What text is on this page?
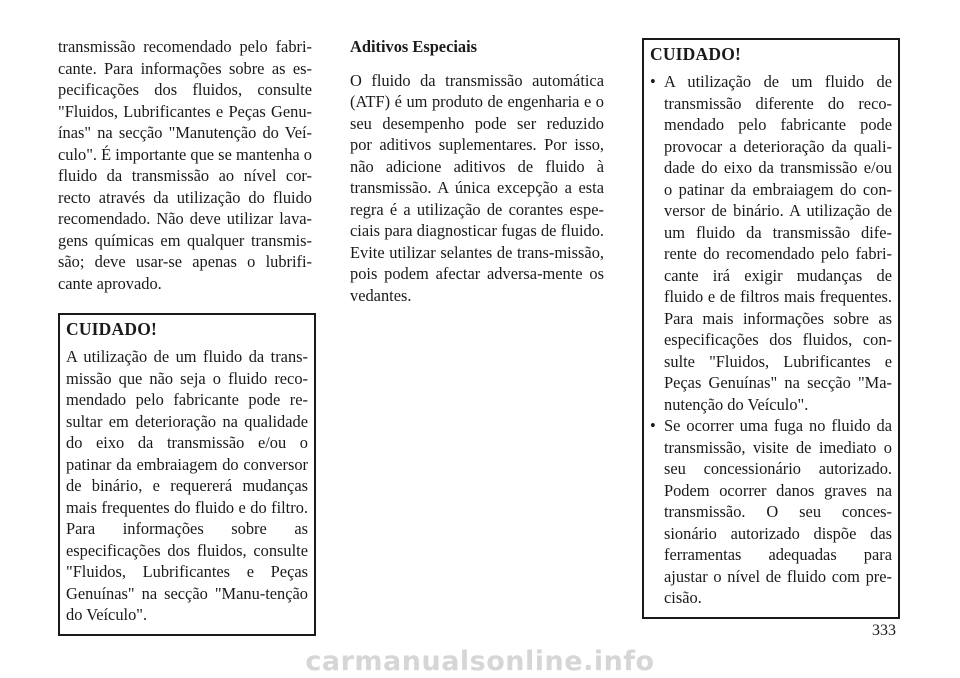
transmissão recomendado pelo fabri-cante. Para informações sobre as es-pecificações dos fluidos, consulte "Fluidos, Lubrificantes e Peças Genu-ínas" na secção "Manutenção do Veí-culo". É importante que se mantenha o fluido da transmissão ao nível cor-recto através da utilização do fluido recomendado. Não deve utilizar lava-gens químicas em qualquer transmis-são; deve usar-se apenas o lubrifi-cante aprovado.

CUIDADO!

A utilização de um fluido da trans-missão que não seja o fluido reco-mendado pelo fabricante pode re-sultar em deterioração na qualidade do eixo da transmissão e/ou o patinar da embraiagem do conversor de binário, e requererá mudanças mais frequentes do fluido e do filtro. Para informações sobre as especificações dos fluidos, consulte "Fluidos, Lubrificantes e Peças Genuínas" na secção "Manu-tenção do Veículo".

Aditivos Especiais

O fluido da transmissão automática (ATF) é um produto de engenharia e o seu desempenho pode ser reduzido por aditivos suplementares. Por isso, não adicione aditivos de fluido à transmissão. A única excepção a esta regra é a utilização de corantes espe-ciais para diagnosticar fugas de fluido. Evite utilizar selantes de trans-missão, pois podem afectar adversa-mente os vedantes.

CUIDADO!
• A utilização de um fluido de transmissão diferente do reco-mendado pelo fabricante pode provocar a deterioração da quali-dade do eixo da transmissão e/ou o patinar da embraiagem do con-versor de binário. A utilização de um fluido da transmissão dife-rente do recomendado pelo fabri-cante irá exigir mudanças de fluido e de filtros mais frequentes. Para mais informações sobre as especificações dos fluidos, con-sulte "Fluidos, Lubrificantes e Peças Genuínas" na secção "Ma-nutenção do Veículo".
• Se ocorrer uma fuga no fluido da transmissão, visite de imediato o seu concessionário autorizado. Podem ocorrer danos graves na transmissão. O seu conces-sionário autorizado dispõe das ferramentas adequadas para ajustar o nível de fluido com pre-cisão.
333
carmanualsonline.info
